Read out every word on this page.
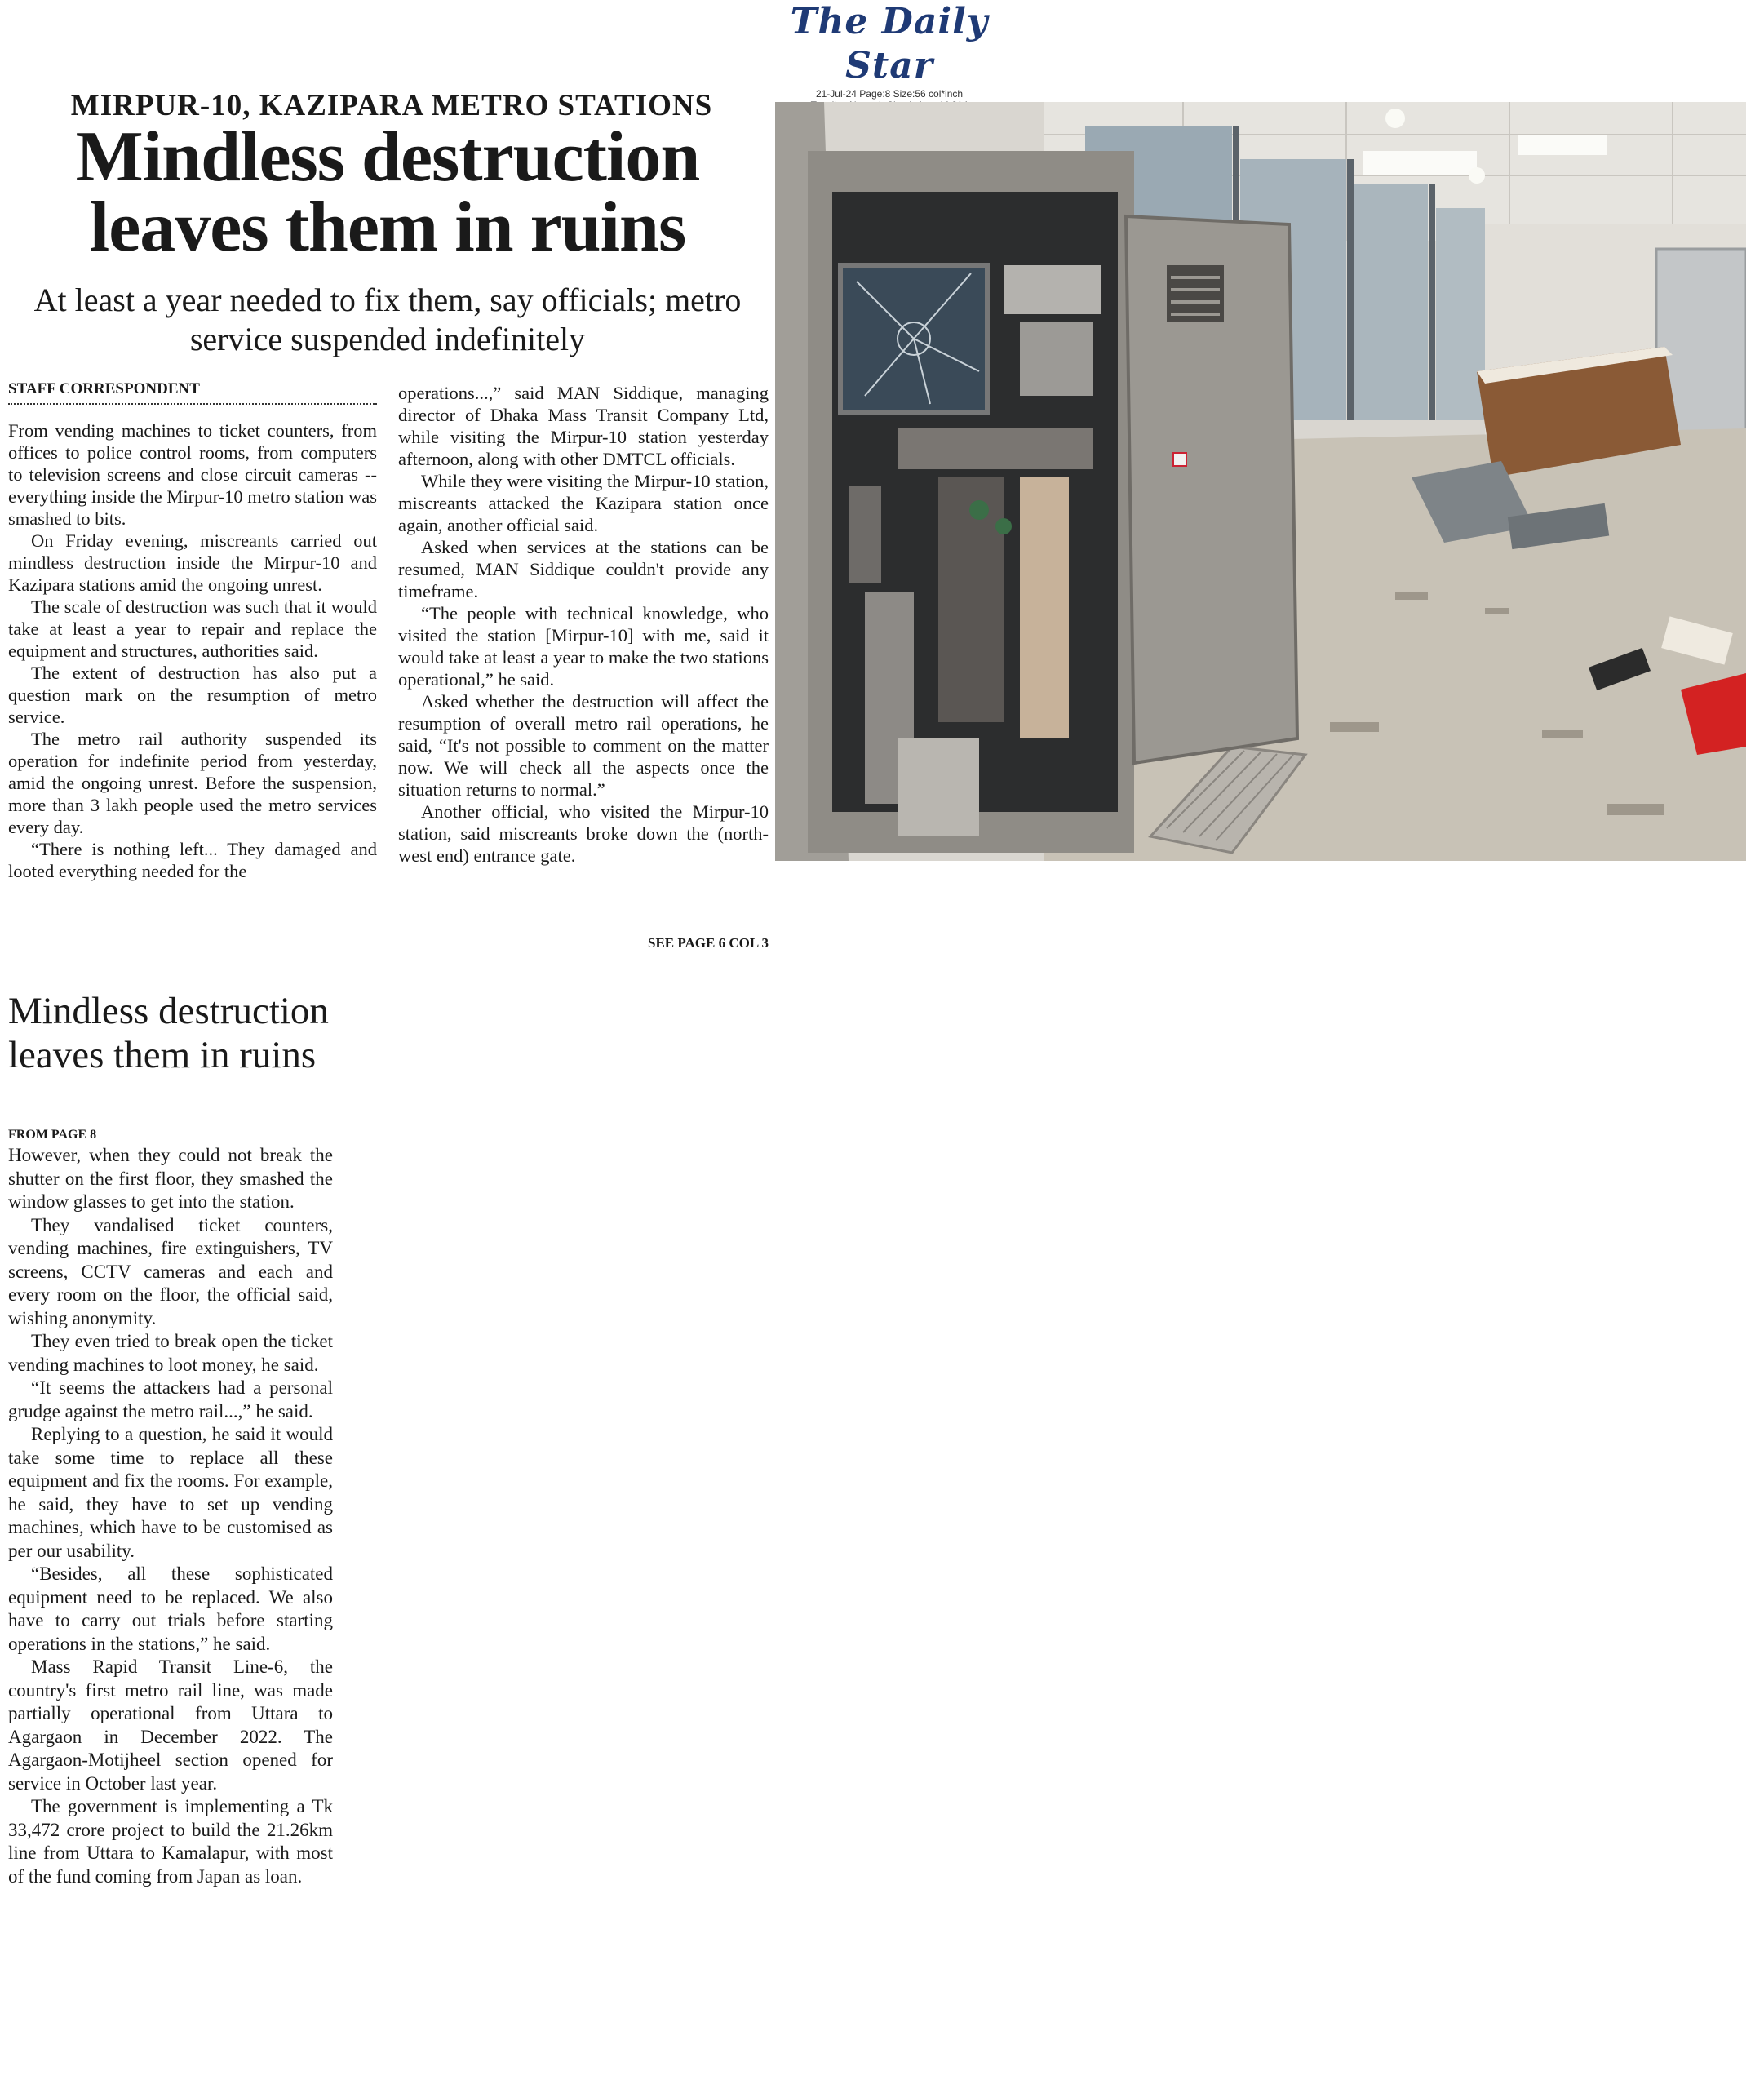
The Daily Star
21-Jul-24 Page:8 Size:56 col*inch
MIRPUR-10, KAZIPARA METRO STATIONS
Mindless destruction leaves them in ruins
At least a year needed to fix them, say officials; metro service suspended indefinitely
STAFF CORRESPONDENT

From vending machines to ticket counters, from offices to police control rooms, from computers to television screens and close circuit cameras -- everything inside the Mirpur-10 metro station was smashed to bits.

On Friday evening, miscreants carried out mindless destruction inside the Mirpur-10 and Kazipara stations amid the ongoing unrest.

The scale of destruction was such that it would take at least a year to repair and replace the equipment and structures, authorities said.

The extent of destruction has also put a question mark on the resumption of metro service.

The metro rail authority suspended its operation for indefinite period from yesterday, amid the ongoing unrest. Before the suspension, more than 3 lakh people used the metro services every day.

“There is nothing left... They damaged and looted everything needed for the

operations...,” said MAN Siddique, managing director of Dhaka Mass Transit Company Ltd, while visiting the Mirpur-10 station yesterday afternoon, along with other DMTCL officials.

While they were visiting the Mirpur-10 station, miscreants attacked the Kazipara station once again, another official said.

Asked when services at the stations can be resumed, MAN Siddique couldn't provide any timeframe.

“The people with technical knowledge, who visited the station [Mirpur-10] with me, said it would take at least a year to make the two stations operational,” he said.

Asked whether the destruction will affect the resumption of overall metro rail operations, he said, “It's not possible to comment on the matter now. We will check all the aspects once the situation returns to normal.”

Another official, who visited the Mirpur-10 station, said miscreants broke down the (north-west end) entrance gate.

SEE PAGE 6 COL 3
Mindless destruction leaves them in ruins
FROM PAGE 8

However, when they could not break the shutter on the first floor, they smashed the window glasses to get into the station.

They vandalised ticket counters, vending machines, fire extinguishers, TV screens, CCTV cameras and each and every room on the floor, the official said, wishing anonymity.

They even tried to break open the ticket vending machines to loot money, he said.

“It seems the attackers had a personal grudge against the metro rail...,” he said.

Replying to a question, he said it would take some time to replace all these equipment and fix the rooms. For example, he said, they have to set up vending machines, which have to be customised as per our usability.

“Besides, all these sophisticated equipment need to be replaced. We also have to carry out trials before starting operations in the stations,” he said.

Mass Rapid Transit Line-6, the country's first metro rail line, was made partially operational from Uttara to Agargaon in December 2022. The Agargaon-Motijheel section opened for service in October last year.

The government is implementing a Tk 33,472 crore project to build the 21.26km line from Uttara to Kamalapur, with most of the fund coming from Japan as loan.
